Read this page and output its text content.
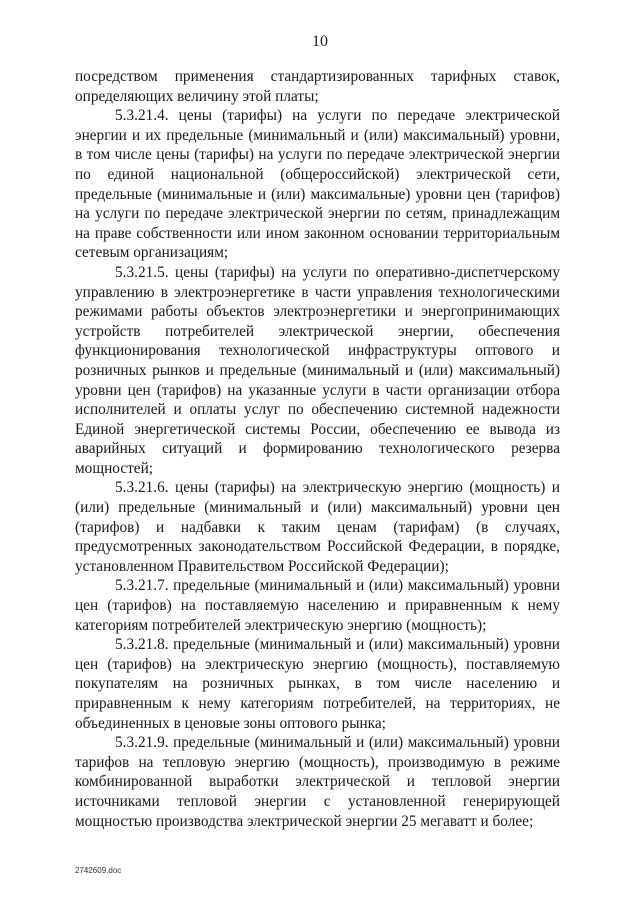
10

посредством применения стандартизированных тарифных ставок, определяющих величину этой платы;

5.3.21.4. цены (тарифы) на услуги по передаче электрической энергии и их предельные (минимальный и (или) максимальный) уровни, в том числе цены (тарифы) на услуги по передаче электрической энергии по единой национальной (общероссийской) электрической сети, предельные (минимальные и (или) максимальные) уровни цен (тарифов) на услуги по передаче электрической энергии по сетям, принадлежащим на праве собственности или ином законном основании территориальным сетевым организациям;

5.3.21.5. цены (тарифы) на услуги по оперативно-диспетчерскому управлению в электроэнергетике в части управления технологическими режимами работы объектов электроэнергетики и энергопринимающих устройств потребителей электрической энергии, обеспечения функционирования технологической инфраструктуры оптового и розничных рынков и предельные (минимальный и (или) максимальный) уровни цен (тарифов) на указанные услуги в части организации отбора исполнителей и оплаты услуг по обеспечению системной надежности Единой энергетической системы России, обеспечению ее вывода из аварийных ситуаций и формированию технологического резерва мощностей;

5.3.21.6. цены (тарифы) на электрическую энергию (мощность) и (или) предельные (минимальный и (или) максимальный) уровни цен (тарифов) и надбавки к таким ценам (тарифам) (в случаях, предусмотренных законодательством Российской Федерации, в порядке, установленном Правительством Российской Федерации);

5.3.21.7. предельные (минимальный и (или) максимальный) уровни цен (тарифов) на поставляемую населению и приравненным к нему категориям потребителей электрическую энергию (мощность);

5.3.21.8. предельные (минимальный и (или) максимальный) уровни цен (тарифов) на электрическую энергию (мощность), поставляемую покупателям на розничных рынках, в том числе населению и приравненным к нему категориям потребителей, на территориях, не объединенных в ценовые зоны оптового рынка;

5.3.21.9. предельные (минимальный и (или) максимальный) уровни тарифов на тепловую энергию (мощность), производимую в режиме комбинированной выработки электрической и тепловой энергии источниками тепловой энергии с установленной генерирующей мощностью производства электрической энергии 25 мегаватт и более;

2742609.doc
